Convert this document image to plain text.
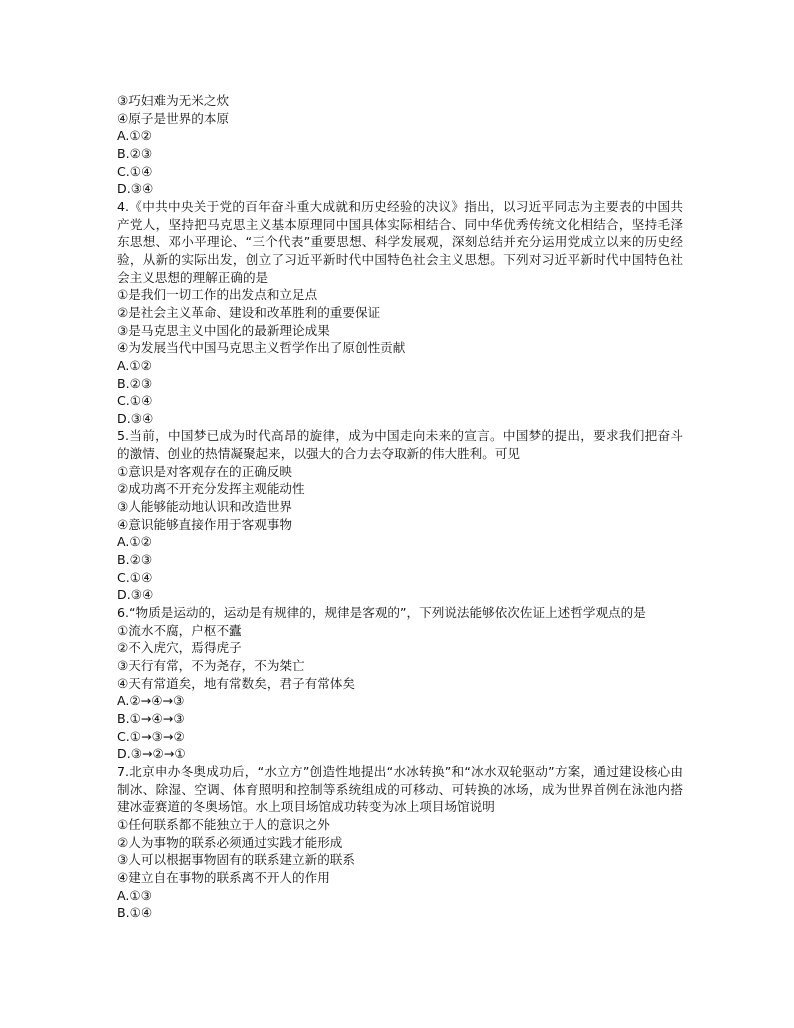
③巧妇难为无米之炊
④原子是世界的本原
A.①②
B.②③
C.①④
D.③④
4.《中共中央关于党的百年奋斗重大成就和历史经验的决议》指出，以习近平同志为主要表的中国共产党人，坚持把马克思主义基本原理同中国具体实际相结合、同中华优秀传统文化相结合，坚持毛泽东思想、邓小平理论、“三个代表”重要思想、科学发展观，深刻总结并充分运用党成立以来的历史经验，从新的实际出发，创立了习近平新时代中国特色社会主义思想。下列对习近平新时代中国特色社会主义思想的理解正确的是
①是我们一切工作的出发点和立足点
②是社会主义革命、建设和改革胜利的重要保证
③是马克思主义中国化的最新理论成果
④为发展当代中国马克思主义哲学作出了原创性贡献
A.①②
B.②③
C.①④
D.③④
5.当前，中国梦已成为时代高昂的旋律，成为中国走向未来的宣言。中国梦的提出，要求我们把奋斗的激情、创业的热情凝聚起来，以强大的合力去夺取新的伟大胜利。可见
①意识是对客观存在的正确反映
②成功离不开充分发挥主观能动性
③人能够能动地认识和改造世界
④意识能够直接作用于客观事物
A.①②
B.②③
C.①④
D.③④
6.“物质是运动的，运动是有规律的，规律是客观的”，下列说法能够依次佐证上述哲学观点的是
①流水不腐，户枢不蠹
②不入虎穴，焉得虎子
③天行有常，不为尧存，不为桀亡
④天有常道矣，地有常数矣，君子有常体矣
A.②→④→③
B.①→④→③
C.①→③→②
D.③→②→①
7.北京申办冬奥成功后，“水立方”创造性地提出“水冰转换”和“冰水双轮驱动”方案，通过建设核心由制冰、除湿、空调、体育照明和控制等系统组成的可移动、可转换的冰场，成为世界首例在泳池内搭建冰壶赛道的冬奥场馆。水上项目场馆成功转变为冰上项目场馆说明
①任何联系都不能独立于人的意识之外
②人为事物的联系必须通过实践才能形成
③人可以根据事物固有的联系建立新的联系
④建立自在事物的联系离不开人的作用
A.①③
B.①④
